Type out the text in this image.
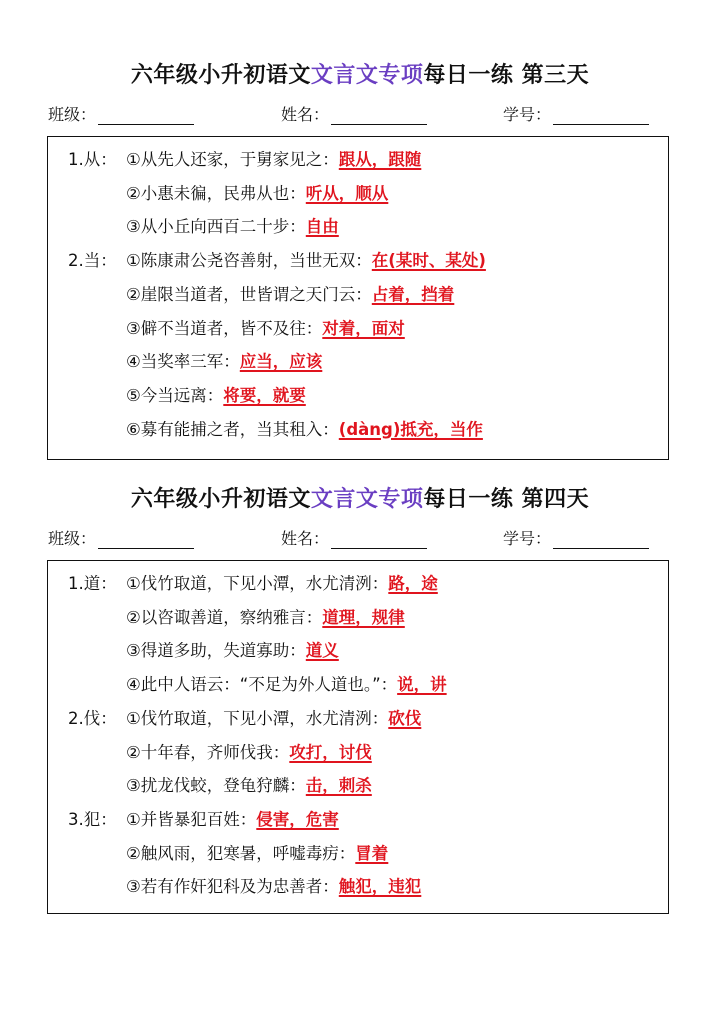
六年级小升初语文文言文专项每日一练 第三天
班级：	姓名：	学号：
1.从： ①从先人还家，于舅家见之：跟从，跟随
②小惠未徧，民弗从也：听从，顺从
③从小丘向西百二十步：自由
2.当： ①陈康肃公尧咨善射，当世无双：在(某时、某处)
②崖限当道者，世皆谓之天门云：占着，挡着
③僻不当道者，皆不及往：对着，面对
④当奖率三军：应当，应该
⑤今当远离：将要，就要
⑥募有能捕之者，当其租入：(dàng)抵充，当作
六年级小升初语文文言文专项每日一练 第四天
班级：	姓名：	学号：
1.道： ①伐竹取道，下见小潭，水尤清洌：路，途
②以咨诹善道，察纳雅言：道理，规律
③得道多助，失道寡助：道义
④此中人语云：“不足为外人道也。”：说，讲
2.伐： ①伐竹取道，下见小潭，水尤清洌：砍伐
②十年春，齐师伐我：攻打，讨伐
③扰龙伐蛟，登龟狩麟：击，刺杀
3.犯： ①并皆暴犯百姓：侵害，危害
②触风雨，犯寒暑，呼嘘毒疠：冒着
③若有作奸犯科及为忠善者：触犯，违犯
